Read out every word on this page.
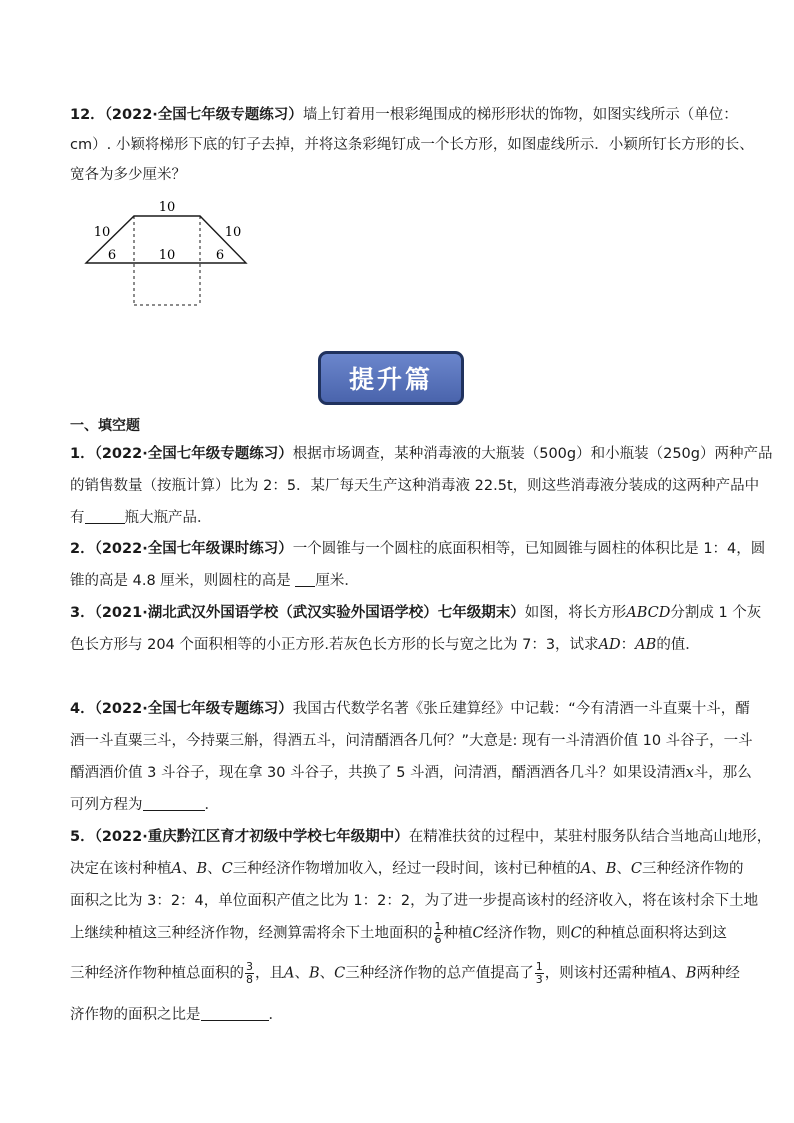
12．（2022·全国七年级专题练习）墙上钉着用一根彩绳围成的梯形形状的饰物，如图实线所示（单位：
cm）. 小颖将梯形下底的钉子去掉，并将这条彩绳钉成一个长方形，如图虚线所示．小颖所钉长方形的长、
宽各为多少厘米？
10
10	10
6	10	6
提升篇
一、填空题
1．（2022·全国七年级专题练习）根据市场调查，某种消毒液的大瓶装（500g）和小瓶装（250g）两种产品
的销售数量（按瓶计算）比为 2：5．某厂每天生产这种消毒液 22.5t，则这些消毒液分装成的这两种产品中
有	瓶大瓶产品．
2．（2022·全国七年级课时练习）一个圆锥与一个圆柱的底面积相等，已知圆锥与圆柱的体积比是 1：4，圆
锥的高是 4.8 厘米，则圆柱的高是 厘米．
3．（2021·湖北武汉外国语学校（武汉实验外国语学校）七年级期末）如图，将长方形ABCD分割成 1 个灰
色长方形与 204 个面积相等的小正方形.若灰色长方形的长与宽之比为 7：3，试求AD：AB的值．
4．（2022·全国七年级专题练习）我国古代数学名著《张丘建算经》中记载：“今有清酒一斗直粟十斗，醑
酒一斗直粟三斗，今持粟三斛，得酒五斗，问清醑酒各几何？”大意是: 现有一斗清酒价值 10 斗谷子，一斗
醑酒酒价值 3 斗谷子，现在拿 30 斗谷子，共换了 5 斗酒，问清酒，醑酒酒各几斗？如果设清酒x斗，那么
可列方程为	．
5．（2022·重庆黔江区育才初级中学校七年级期中）在精准扶贫的过程中，某驻村服务队结合当地高山地形，
决定在该村种植A、B、C三种经济作物增加收入，经过一段时间，该村已种植的A、B、C三种经济作物的
面积之比为 3：2：4，单位面积产值之比为 1：2：2，为了进一步提高该村的经济收入，将在该村余下土地
上继续种植这三种经济作物，经测算需将余下土地面积的 $\frac{1}{6}$ 种植C经济作物，则C的种植总面积将达到这
三种经济作物种植总面积的 $\frac{3}{8}$ ，且A、B、C三种经济作物的总产值提高了 $\frac{1}{3}$ ，则该村还需种植A、B两种经
济作物的面积之比是	．
